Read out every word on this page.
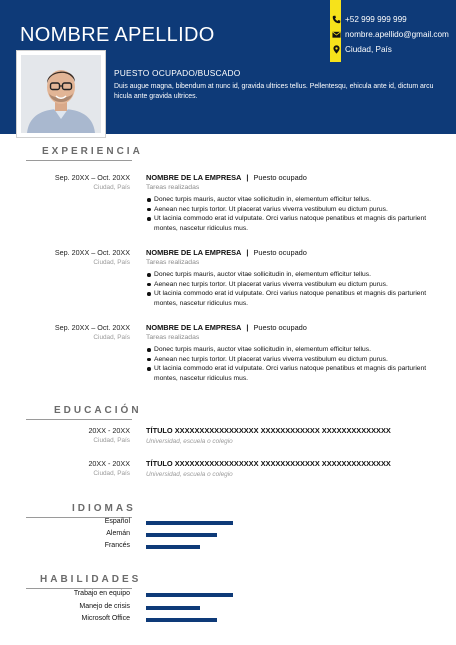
NOMBRE APELLIDO
+52 999 999 999
nombre.apellido@gmail.com
Ciudad, País
PUESTO OCUPADO/BUSCADO
Duis augue magna, bibendum at nunc id, gravida ultrices tellus. Pellentesqu, ehicula ante id, dictum arcu hicula ante gravida ultrices.
EXPERIENCIA
Sep. 20XX – Oct. 20XX
Ciudad, País
NOMBRE DE LA EMPRESA | Puesto ocupado
Tareas realizadas
Donec turpis mauris, auctor vitae sollicitudin in, elementum efficitur tellus.
Aenean nec turpis tortor. Ut placerat varius viverra vestibulum eu dictum purus.
Ut lacinia commodo erat id vulputate. Orci varius natoque penatibus et magnis dis parturient montes, nascetur ridiculus mus.
Sep. 20XX – Oct. 20XX
Ciudad, País
NOMBRE DE LA EMPRESA | Puesto ocupado
Tareas realizadas
Donec turpis mauris, auctor vitae sollicitudin in, elementum efficitur tellus.
Aenean nec turpis tortor. Ut placerat varius viverra vestibulum eu dictum purus.
Ut lacinia commodo erat id vulputate. Orci varius natoque penatibus et magnis dis parturient montes, nascetur ridiculus mus.
Sep. 20XX – Oct. 20XX
Ciudad, País
NOMBRE DE LA EMPRESA | Puesto ocupado
Tareas realizadas
Donec turpis mauris, auctor vitae sollicitudin in, elementum efficitur tellus.
Aenean nec turpis tortor. Ut placerat varius viverra vestibulum eu dictum purus.
Ut lacinia commodo erat id vulputate. Orci varius natoque penatibus et magnis dis parturient montes, nascetur ridiculus mus.
EDUCACIÓN
20XX - 20XX
Ciudad, País
TÍTULO XXXXXXXXXXXXXXXXX XXXXXXXXXXXX XXXXXXXXXXXXXX
Universidad, escuela o colegio
20XX - 20XX
Ciudad, País
TÍTULO XXXXXXXXXXXXXXXXX XXXXXXXXXXXX XXXXXXXXXXXXXX
Universidad, escuela o colegio
IDIOMAS
Español
Alemán
Francés
HABILIDADES
Trabajo en equipo
Manejo de crisis
Microsoft Office
